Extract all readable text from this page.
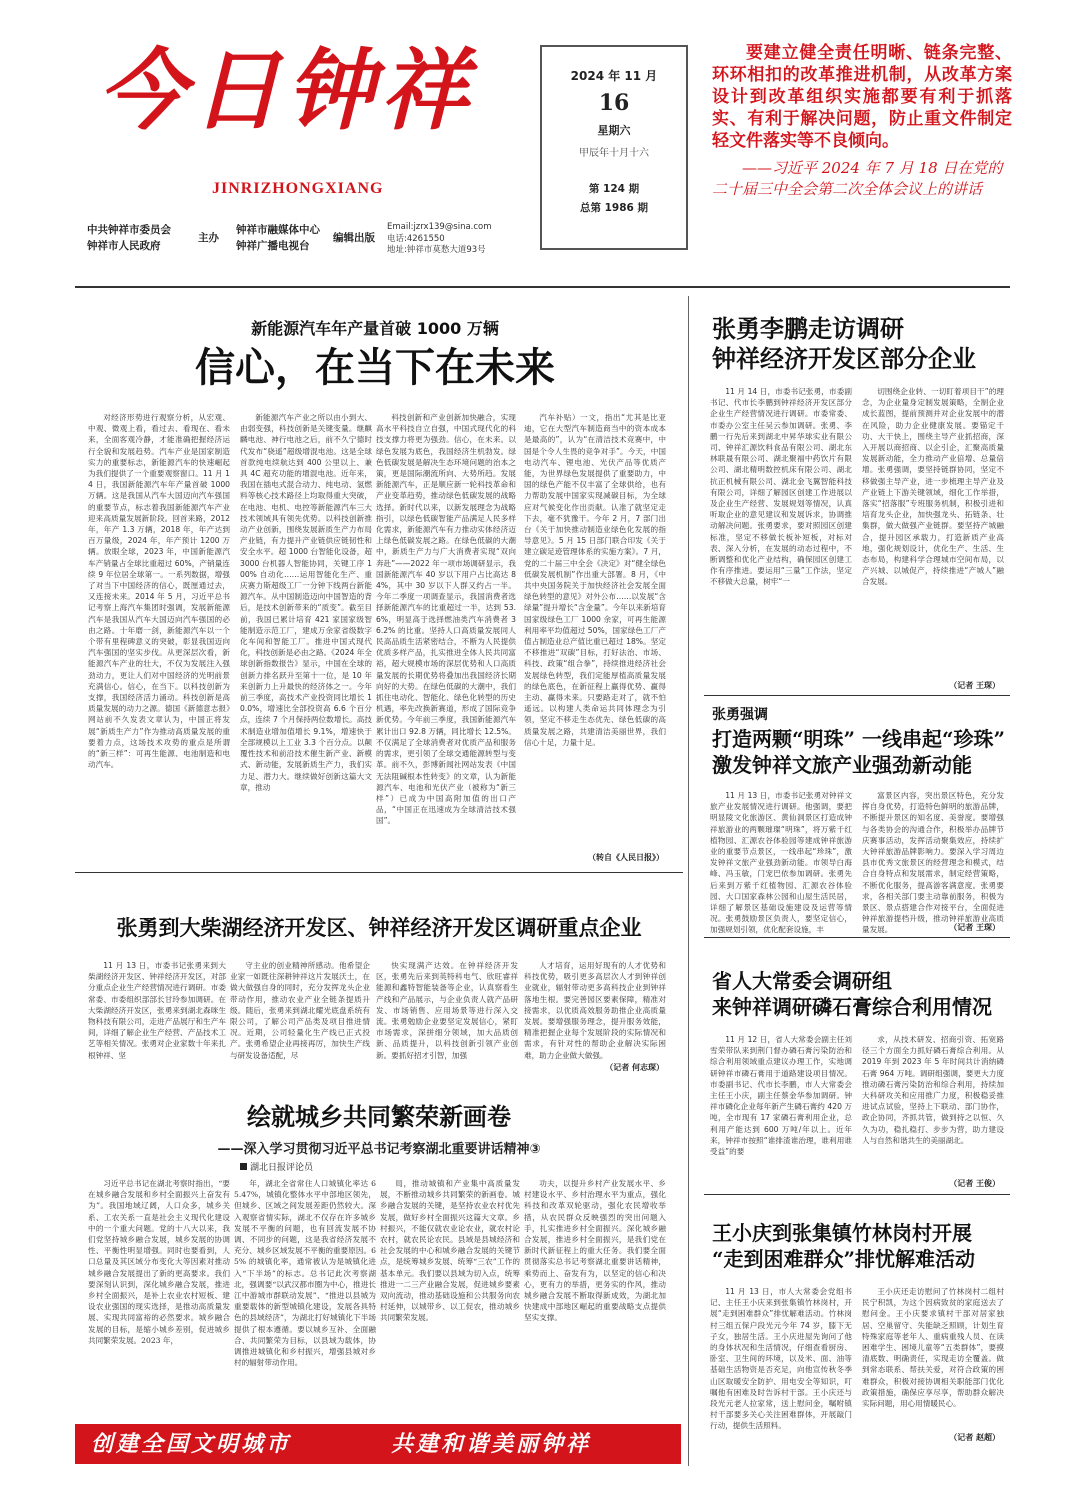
今日钟祥
JINRIZHONGXIANG
中共钟祥市委员会
钟祥市人民政府
主办
钟祥市融媒体中心
钟祥广播电视台
编辑出版
Email:jzrx139@sina.com
电话:4261550
地址:钟祥市莫愁大道93号
2024 年 11 月
16
星期六
甲辰年十月十六
第 124 期
总第 1986 期
要建立健全责任明晰、链条完整、环环相扣的改革推进机制，从改革方案设计到改革组织实施都要有利于抓落实、有利于解决问题，防止重文件制定轻文件落实等不良倾向。
——习近平 2024 年 7 月 18 日在党的二十届三中全会第二次全体会议上的讲话
新能源汽车年产量首破 1000 万辆
信心，在当下在未来

对经济形势进行观察分析，从宏观、中观、微观上看，看过去、看现在、看未来，全面客观冷静，才能准确把握经济运行全貌和发展趋势。汽车产业是国家制造实力的重要标志，新能源汽车的快速崛起为我们提供了一个重要观察窗口。11 月 14 日，我国新能源汽车年产量首破 1000 万辆。这是我国从汽车大国迈向汽车强国的重要节点，标志着我国新能源汽车产业迎来高质量发展新阶段。回首来路，2012 年，年产 1.3 万辆，2018 年，年产达到百万量级，2024 年，年产预计 1200 万辆。放眼全球，2023 年，中国新能源汽车产销量占全球比重超过 60%，产销量连续 9 年位居全球第一。一系列数据，增强了对当下中国经济的信心，既厘通过去，又连接未来。2014 年 5 月，习近平总书记考察上海汽车集团时强调，发展新能源汽车是我国从汽车大国迈向汽车强国的必由之路。十年磨一剑，新能源汽车以一个个带有里程碑意义的突破，彰显我国迈向汽车强国的坚实步伐。从更深层次看，新能源汽车产业的壮大，不仅为发展注入强劲动力，更让人们对中国经济的光明前景充满信心。信心，在当下。以科技创新为支撑，我国经济活力涌动。科技创新是高质量发展的动力之源。德国《新德意志报》网站前不久发表文章认为，中国正将发展“新质生产力”作为推动高质量发展的重要着力点，这场技术攻势的重点是所谓的“新三样”：可再生能源、电池制造和电动汽车。

新能源汽车产业之所以由小到大、由弱变强，科技创新是关键变量。继麒麟电池、神行电池之后，前不久宁德时代发布“骁遥”超级增混电池。这是全球首款纯电续航达到 400 公里以上、兼具 4C 超充功能的增混电池。近年来，我国在插电式混合动力、纯电动、氢燃料等核心技术路径上均取得重大突破，在电池、电机、电控等新能源汽车三大技术领域具有领先优势。以科技创新推动产业创新，围绕发展新质生产力布局产业链，有力提升产业链供应链韧性和安全水平。超 1000 台智能化设备，超 3000 台机器人智能协同，关键工序 100% 自动化……运用智能化生产、重庆赛力斯超级工厂一分钟下线两台新能源汽车。从中国制造迈向中国智造的背后，是技术创新带来的“质变”。截至目前，我国已累计培育 421 家国家级智能制造示范工厂，建成万余家省级数字化车间和智能工厂。推进中国式现代化，科技创新是必由之路。《2024 年全球创新指数报告》显示，中国在全球的创新力排名跃升至第十一位，是 10 年来创新力上升最快的经济体之一。今年前三季度，高技术产业投资同比增长 10.0%，增速比全部投资高 6.6 个百分点，连续 7 个月保持两位数增长。高技术制造业增加值增长 9.1%，增速快于全部规模以上工业 3.3 个百分点。以颠覆性技术和前沿技术催生新产业、新模式、新动能，发展新质生产力，我们实力足、潜力大。继续做好创新这篇大文章，推动

科技创新和产业创新加快融合，实现高水平科技自立自强，中国式现代化的科技支撑力将更为强劲。信心，在未来。以绿色发展为底色，我国经济生机勃发。绿色低碳发展是解决生态环境问题的治本之策，更是国际潮流所向、大势所趋。发展新能源汽车，正是顺应新一轮科技革命和产业变革趋势，推动绿色低碳发展的战略选择。新时代以来，以新发展理念为战略指引，以绿色低碳智能产品满足人民多样化需求，新能源汽车有力推动实体经济迈上绿色低碳发展之路。在绿色低碳的大潮中，新质生产力与广大消费者实现“双向奔赴”——2022 年一项市场调研显示，我国新能源汽车 40 岁以下用户占比高达 84%，其中 30 岁以下人群又约占一半。今年二季度一项调查显示，我国消费者选择新能源汽车的比重超过一半，达到 53.6%，明显高于选择燃油类汽车消费者 36.2% 的比重。坚持人口高质量发展同人民高品质生活紧密结合，不断为人民提供优质多样产品，扎实推进全体人民共同富裕，超大规模市场的深层优势和人口高质量发展的长期优势将叠加出我国经济长期向好的大势。在绿色低碳的大潮中，我们抓住电动化、智能化、绿色化转型的历史机遇，率先改换新赛道，形成了国际竞争新优势。今年前三季度，我国新能源汽车累计出口 92.8 万辆，同比增长 12.5%。不仅满足了全球消费者对优质产品和服务的需求，更引领了全球交通能源转型与变革。前不久，彭博新闻社网站发表《中国无法阻碱根本性转变》的文章，认为新能源汽车、电池和光伏产业（被称为“新三样”）已成为中国高附加值的出口产品，“中国正在迅速成为全球清洁技术强国”。

汽车补贴）一文，指出“尤其是比亚迪，它在大型汽车制造商当中的资本成本是最高的”，认为“在清洁技术竞赛中，中国是个令人生畏的竞争对手”。今天，中国电动汽车、锂电池、光伏产品等优质产能，为世界绿色发展提供了重要助力，中国的绿色产能不仅丰富了全球供给，也有力帮助发展中国家实现减碳目标，为全球应对气候变化作出贡献。认准了就坚定走下去，毫不犹豫干。今年 2 月，7 部门出台《关于加快推动制造业绿色化发展的指导意见》。5 月 15 日部门联合印发《关于建立碳足迹管理体系的实施方案》。7 月，党的二十届三中全会《决定》对“健全绿色低碳发展机制”作出重大部署。8 月，《中共中央国务院关于加快经济社会发展全面绿色转型的意见》对外公布……以发展“含绿量”提升增长“含金量”。今年以来新培育国家级绿色工厂 1000 余家，可再生能源利用率平均值超过 50%，国家绿色工厂产值占制造业总产值比重已超过 18%。坚定不移推进“双碳”目标，打好法治、市场、科技、政策“组合拳”，持续推进经济社会发展绿色转型，我们定能厚植高质量发展的绿色底色，在新征程上赢得优势、赢得主动、赢得未来。只要路走对了，就不怕遥远。以构建人类命运共同体理念为引领，坚定不移走生态优先、绿色低碳的高质量发展之路，共建清洁美丽世界，我们信心十足，力量十足。

（转自《人民日报》）
张勇李鹏走访调研
钟祥经济开发区部分企业

11 月 14 日，市委书记张勇，市委副书记、代市长李鹏到钟祥经济开发区部分企业生产经营情况进行调研。市委常委、市委办公室主任吴云参加调研。张勇、李鹏一行先后来到湖北中昇华球实业有限公司、钟祥汇源饮料食品有限公司、湖北东林联晟有限公司、湖北聚福中药饮片有限公司、湖北精明数控机床有限公司、湖北抗正机械有限公司、湖北金飞翼智能科技有限公司，详细了解园区创建工作进展以及企业生产经营、发展规划等情况，认真听取企业的意见建议和发展诉求，协调推动解决问题。张勇要求，要对照园区创建标准，坚定不移做长板补短板，对标对表、深入分析，在发展的动态过程中，不断调整和优化产业结构，确保园区创建工作有序推进。要运用“三量”工作法，坚定不移做大总量，树牢“一

切围绕企业转、一切盯着项目干”的理念，为企业量身定制发展策略，全制企业成长蓝图，提前预测并对企业发展中的潜在风险，助力企业健康发展。要锚定千功、大干快上，围绕主导产业抓招商，深入开展以商招商、以企引企，汇聚高质量发展新动能，全力推动产业倍增、总量倍增。张勇强调，要坚持链群协同，坚定不移做强主导产业，进一步梳理主导产业及产业链上下游关键领域，细化工作举措，落实“招落服”专班服务机制，积极引进和培育龙头企业，加快强龙头、拓链条、壮集群，做大做强产业链群。要坚持产城融合，提升园区承载力，打造新质产业高地，强化规划设计，优化生产、生活、生态布局，构建科学合理城市空间布局，以产兴城、以城促产，持续推进“产城人”融合发展。

（记者 王琛）
张勇强调
打造两颗“明珠” 一线串起“珍珠”
激发钟祥文旅产业强劲新动能

11 月 13 日，市委书记张勇对钟祥文旅产业发展情况进行调研。他强调，要把明显陵文化旅游区、黄仙洞景区打造成钟祥旅游业的两颗璀璨“明珠”，将万紫千红植物园、汇源农谷体验园等建成钟祥旅游业的重要节点景区，一线串起“珍珠”，激发钟祥文旅产业强劲新动能。市领导白海峰、冯玉敏，门宠巴依参加调研。张勇先后来到万紫千红植物园、汇源农谷体验园、大口国家森林公园和山屋生活民居，详细了解景区基础设施建设及运营等情况。张勇鼓励景区负责人，要坚定信心，加强规划引领，优化配套设施，丰

富景区内容，突出景区特色，充分发挥自身优势，打造特色鲜明的旅游品牌，不断提升景区的知名度、美誉度。要增强与各类协会的沟通合作，积极举办品牌节庆赛事活动，发挥活动聚集效应，持续扩大钟祥旅游品牌影响力。要深入学习周边县市优秀文旅景区的经营理念和模式，结合自身特点和发展需求，制定经营策略，不断优化服务，提高游客满意度。张勇要求，各相关部门要主动靠前服务，积极为景区、景点搭建合作对接平台，全面促进钟祥旅游提档升级，推动钟祥旅游业高质量发展。	（记者 王琛）
张勇到大柴湖经济开发区、钟祥经济开发区调研重点企业

11 月 13 日，市委书记张勇来到大柴湖经济开发区、钟祥经济开发区，对部分重点企业生产经营情况进行调研。市委常委、市委组织部部长甘玲参加调研。在大柴湖经济开发区，张勇来到湖北森咪生物科技有限公司，走进产品展厅和生产车间，详细了解企业生产经营、产品技术工艺等相关情况。张勇对企业家数十年来扎根钟祥、坚

守主业的创业精神所感动。他希望企业家一如既往深耕钟祥这片发展沃土，在做大做强自身的同时，充分发挥龙头企业带动作用，推动农业产业全链条提质升级。随后，张勇来到湖北耀光底盘系统有限公司，了解公司产品类及项目推进情况。近期，公司轻量化生产线已正式投产。张勇希望企业再接再厉，加快生产线与研发设备适配，尽

快实现满产达效。在钟祥经济开发区，张勇先后来到英特科电气、欣旺睿祥能源和鑫特智能装备等企业，认真察看生产线和产品展示，与企业负责人就产品研发、市场销售、应用场景等进行深入交流。张勇勉励企业要坚定发展信心，紧盯市场需求，深拼细分领域，加大品质创新、品质提升，以科技创新引领产业创新。要抓好招才引智，加强

人才培育，运用好现有的人才优势和科技优势，吸引更多高层次人才到钟祥创业就业，辐射带动更多高科技企业到钟祥落地生根。要完善园区要素保障，精准对接需求，以优质高效服务助推企业高质量发展。要增强服务理念，提升服务效能，精准把握企业每个发展阶段的实际情况和需求，有针对性的帮助企业解决实际困难，助力企业做大做强。

（记者 何志琛）
省人大常委会调研组
来钟祥调研磷石膏综合利用情况

11 月 12 日，省人大常委会副主任刘雪荣带队来到荆门督办磷石膏污染防治和综合利用领域重点建议办理工作，实地调研钟祥市磷石膏用于道路建设项目情况。市委副书记、代市长李鹏，市人大常委会主任王小庆，副主任蔡金华参加调研。钟祥市磷化企业每年新产生磷石膏约 420 万吨，全市现有 17 家磷石膏利用企业，总利用产能达到 600 万吨/年以上。近年来，钟祥市按照“谁排渣谁治理，谁利用谁受益”的要

求，从技术研发、招商引资、拓宽路径三个方面全力抓好磷石膏综合利用。从 2019 年到 2023 年 5 年时间共计消纳磷石膏 964 万吨。调研组强调，要更大力度推动磷石膏污染防治和综合利用，持续加大科研攻关和应用推广力度，积极稳妥推进试点试验，坚持上下联动、部门协作，政企协同，齐抓共管，做到持之以恒、久久为功，稳扎稳打、步步为营，助力建设人与自然和谐共生的美丽湖北。

（记者 王俊）
绘就城乡共同繁荣新画卷
——深入学习贯彻习近平总书记考察湖北重要讲话精神③
湖北日报评论员

习近平总书记在湖北考察时指出，“要在城乡融合发展和乡村全面振兴上奋发有为”。我国地域辽阔，人口众多，城乡关系、工农关系一直是社会主义现代化建设中的一个重大问题。党的十八大以来，我们党坚持城乡融合发展，城乡发展的协调性、平衡性明显增强。同时也要看到，人口总量及其区域分布变化大等因素对推动城乡融合发展提出了新的更高要求。我们要深刻认识到，深化城乡融合发展，推进乡村全面振兴，是补上农业农村短板、建设农业强国的现实选择，是推动高质量发展、实现共同富裕的必然要求。城乡融合发展的目标，是缩小城乡差别，促进城乡共同繁荣发展。2023 年，

年，湖北全省常住人口城镇化率达 65.47%，城镇化整体水平中部地区领先，但城乡、区域之间发展差距仍然较大。深入观察省情实际，湖北不仅存在许多城乡发展不平衡的问题，也有回流发展不协调、不同步的问题，这是我省经济发展不充分、城乡区域发展不平衡的重要原因。65% 的城镇化率，通常被认为是城镇化进入“下半场”的标志。总书记此次考察湖北，强调要“以武汉都市圈为中心，推进长江中游城市群联动发展”、“推进以县城为重要载体的新型城镇化建设，发展各具特色的县域经济”，为湖北打好城镇化下半场提供了根本遵循。要以城乡互补、全面融合、共同繁荣为目标，以县域为载体，协调推进城镇化和乡村振兴，增强县城对乡村的辐射带动作用。

局，推动城镇和产业集中高质量发展，不断推动城乡共同繁荣的新画卷。城乡融合发展的关键，是坚持农业农村优先发展，做好乡村全面振兴这篇大文章。乡村振兴，不能仅就农业论农业，就农村论农村，就农民论农民。县域是县城经济和社会发展的中心和城乡融合发展的关键节点，是统筹城乡发展、统筹“三农”工作的基本单元。我们要以县域为切入点，统筹推进一二三产业融合发展，促进城乡要素双向流动，推动基础设施和公共服务向农村延伸，以城带乡、以工促农，推动城乡共同繁荣发展。

功夫，以提升乡村产业发展水平、乡村建设水平、乡村治理水平为重点，强化科技和改革双轮驱动，强化农民增收举措，从农民群众反映强烈的突出问题入手，扎实推进乡村全面振兴。深化城乡融合发展，推进乡村全面振兴，是我们党在新时代新征程上的重大任务。我们要全面贯彻落实总书记考察湖北重要讲话精神，乘势而上、奋发有为，以坚定的信心和决心，更有力的举措，更务实的作风，推动城乡融合发展不断取得新成效，为湖北加快建成中部地区崛起的重要战略支点提供坚实支撑。

王小庆到张集镇竹林岗村开展
“走到困难群众”排忧解难活动

11 月 13 日，市人大常委会党组书记、主任王小庆来到张集镇竹林岗村，开展“走到困难群众”排忧解难活动。竹林岗村三组五保户段光元今年 74 岁，膝下无子女，独居生活。王小庆进屋先询问了他的身体状况和生活情况，仔细查看厨房、卧室、卫生间的环境，以及米、面、油等基础生活物资是否充足，向他宣传秋冬季山区取暖安全防护、用电安全等知识，叮嘱他有困难及时告诉村干部。王小庆还与段光元老人拉家常，送上慰问金，嘱咐镇村干部要多关心关注困难群体，开展敲门行动，提供生活照料。

王小庆还走访慰问了竹林岗村二组村民宁积凯，为这个因病致贫的家庭送去了慰问金。王小庆要求镇村干部对居家独居、空巢留守、失能缺乏照顾，计划生育特殊家庭等老年人、重病重残人员、在读困难学生、困境儿童等“五类群体”，要摸清底数、明确责任，实现走访全覆盖。做到常态联系、帮扶关爱，对符合政策的困难群众，积极对接协调相关职能部门优化政策措施，确保应享尽享，帮助群众解决实际问题，用心用情暖民心。

（记者 赵超）
创建全国文明城市	共建和谐美丽钟祥
